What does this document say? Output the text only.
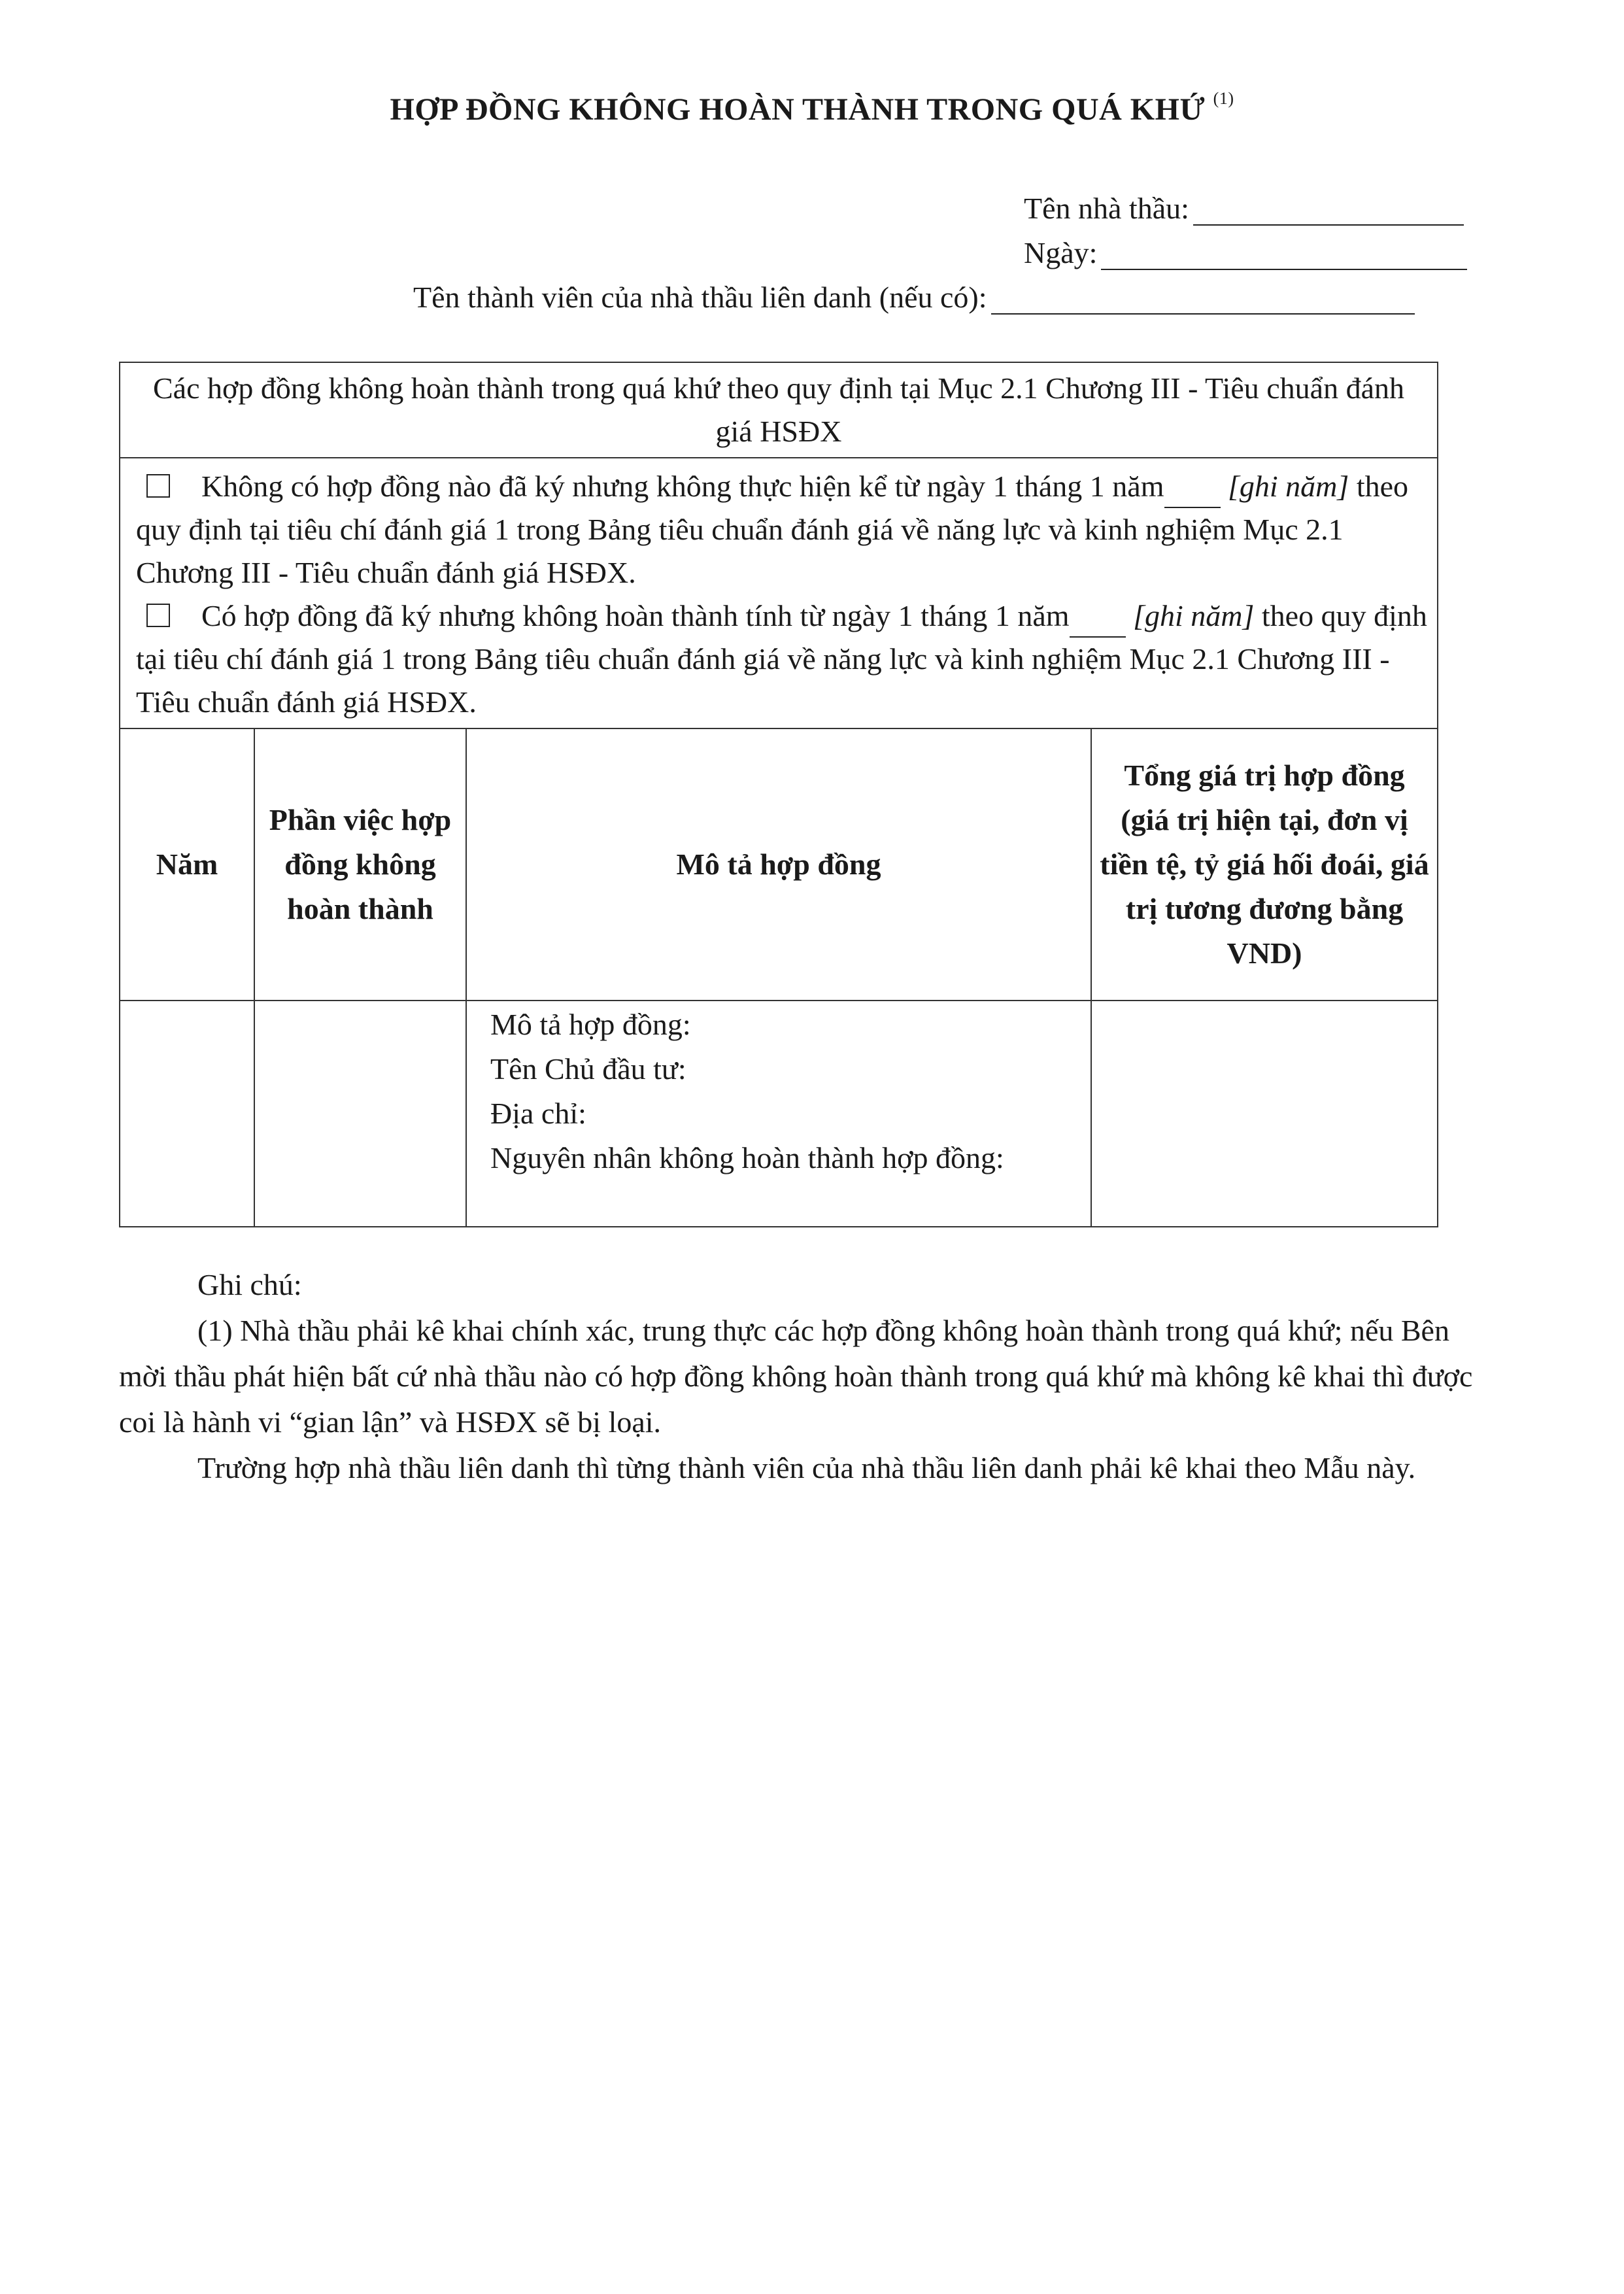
HỢP ĐỒNG KHÔNG HOÀN THÀNH TRONG QUÁ KHỨ $^{(1)}$
Tên nhà thầu:
Ngày:
Tên thành viên của nhà thầu liên danh (nếu có):
Các hợp đồng không hoàn thành trong quá khứ theo quy định tại Mục 2.1 Chương III - Tiêu chuẩn đánh giá HSĐX			

Không có hợp đồng nào đã ký nhưng không thực hiện kể từ ngày 1 tháng 1 năm [ghi năm] theo quy định tại tiêu chí đánh giá 1 trong Bảng tiêu chuẩn đánh giá về năng lực và kinh nghiệm Mục 2.1 Chương III - Tiêu chuẩn đánh giá HSĐX.

Có hợp đồng đã ký nhưng không hoàn thành tính từ ngày 1 tháng 1 năm [ghi năm] theo quy định tại tiêu chí đánh giá 1 trong Bảng tiêu chuẩn đánh giá về năng lực và kinh nghiệm Mục 2.1 Chương III - Tiêu chuẩn đánh giá HSĐX.			

Năm	Phần việc hợp đồng không hoàn thành	Mô tả hợp đồng	Tổng giá trị hợp đồng (giá trị hiện tại, đơn vị tiền tệ, tỷ giá hối đoái, giá trị tương đương bằng VND)

		Mô tả hợp đồng:
Tên Chủ đầu tư:
Địa chỉ:
Nguyên nhân không hoàn thành hợp đồng:	

Ghi chú:

(1) Nhà thầu phải kê khai chính xác, trung thực các hợp đồng không hoàn thành trong quá khứ; nếu Bên mời thầu phát hiện bất cứ nhà thầu nào có hợp đồng không hoàn thành trong quá khứ mà không kê khai thì được coi là hành vi “gian lận” và HSĐX sẽ bị loại.

Trường hợp nhà thầu liên danh thì từng thành viên của nhà thầu liên danh phải kê khai theo Mẫu này.
